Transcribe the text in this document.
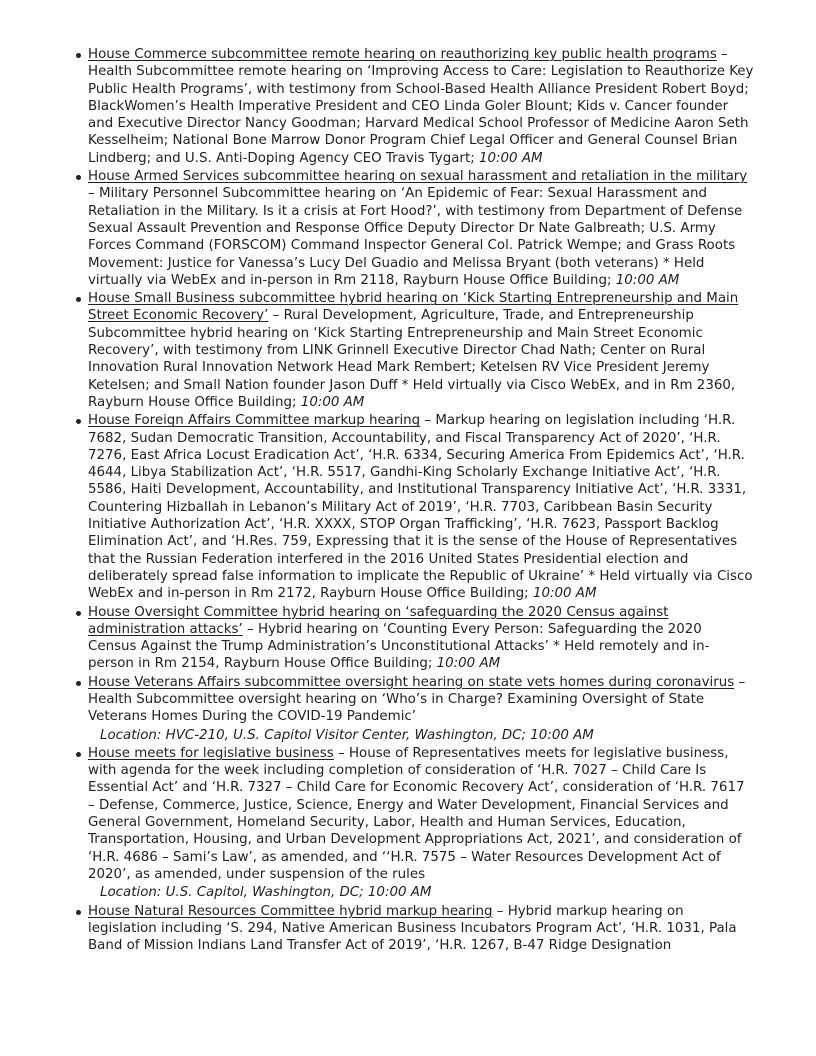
House Commerce subcommittee remote hearing on reauthorizing key public health programs – Health Subcommittee remote hearing on ‘Improving Access to Care: Legislation to Reauthorize Key Public Health Programs’, with testimony from School-Based Health Alliance President Robert Boyd; BlackWomen’s Health Imperative President and CEO Linda Goler Blount; Kids v. Cancer founder and Executive Director Nancy Goodman; Harvard Medical School Professor of Medicine Aaron Seth Kesselheim; National Bone Marrow Donor Program Chief Legal Officer and General Counsel Brian Lindberg; and U.S. Anti-Doping Agency CEO Travis Tygart; 10:00 AM
House Armed Services subcommittee hearing on sexual harassment and retaliation in the military – Military Personnel Subcommittee hearing on ‘An Epidemic of Fear: Sexual Harassment and Retaliation in the Military. Is it a crisis at Fort Hood?’, with testimony from Department of Defense Sexual Assault Prevention and Response Office Deputy Director Dr Nate Galbreath; U.S. Army Forces Command (FORSCOM) Command Inspector General Col. Patrick Wempe; and Grass Roots Movement: Justice for Vanessa’s Lucy Del Guadio and Melissa Bryant (both veterans) * Held virtually via WebEx and in-person in Rm 2118, Rayburn House Office Building; 10:00 AM
House Small Business subcommittee hybrid hearing on ‘Kick Starting Entrepreneurship and Main Street Economic Recovery’ – Rural Development, Agriculture, Trade, and Entrepreneurship Subcommittee hybrid hearing on ‘Kick Starting Entrepreneurship and Main Street Economic Recovery’, with testimony from LINK Grinnell Executive Director Chad Nath; Center on Rural Innovation Rural Innovation Network Head Mark Rembert; Ketelsen RV Vice President Jeremy Ketelsen; and Small Nation founder Jason Duff * Held virtually via Cisco WebEx, and in Rm 2360, Rayburn House Office Building; 10:00 AM
House Foreign Affairs Committee markup hearing – Markup hearing on legislation including ‘H.R. 7682, Sudan Democratic Transition, Accountability, and Fiscal Transparency Act of 2020’, ‘H.R. 7276, East Africa Locust Eradication Act’, ‘H.R. 6334, Securing America From Epidemics Act’, ‘H.R. 4644, Libya Stabilization Act’, ‘H.R. 5517, Gandhi-King Scholarly Exchange Initiative Act’, ‘H.R. 5586, Haiti Development, Accountability, and Institutional Transparency Initiative Act’, ‘H.R. 3331, Countering Hizballah in Lebanon’s Military Act of 2019’, ‘H.R. 7703, Caribbean Basin Security Initiative Authorization Act’, ‘H.R. XXXX, STOP Organ Trafficking’, ‘H.R. 7623, Passport Backlog Elimination Act’, and ‘H.Res. 759, Expressing that it is the sense of the House of Representatives that the Russian Federation interfered in the 2016 United States Presidential election and deliberately spread false information to implicate the Republic of Ukraine’ * Held virtually via Cisco WebEx and in-person in Rm 2172, Rayburn House Office Building; 10:00 AM
House Oversight Committee hybrid hearing on ‘safeguarding the 2020 Census against administration attacks’ – Hybrid hearing on ‘Counting Every Person: Safeguarding the 2020 Census Against the Trump Administration’s Unconstitutional Attacks’ * Held remotely and in-person in Rm 2154, Rayburn House Office Building; 10:00 AM
House Veterans Affairs subcommittee oversight hearing on state vets homes during coronavirus – Health Subcommittee oversight hearing on ‘Who’s in Charge? Examining Oversight of State Veterans Homes During the COVID-19 Pandemic’
Location: HVC-210, U.S. Capitol Visitor Center, Washington, DC; 10:00 AM
House meets for legislative business – House of Representatives meets for legislative business, with agenda for the week including completion of consideration of ‘H.R. 7027 – Child Care Is Essential Act’ and ‘H.R. 7327 – Child Care for Economic Recovery Act’, consideration of ‘H.R. 7617 – Defense, Commerce, Justice, Science, Energy and Water Development, Financial Services and General Government, Homeland Security, Labor, Health and Human Services, Education, Transportation, Housing, and Urban Development Appropriations Act, 2021’, and consideration of ‘H.R. 4686 – Sami’s Law’, as amended, and ‘‘H.R. 7575 – Water Resources Development Act of 2020’, as amended, under suspension of the rules
Location: U.S. Capitol, Washington, DC; 10:00 AM
House Natural Resources Committee hybrid markup hearing – Hybrid markup hearing on legislation including ‘S. 294, Native American Business Incubators Program Act’, ‘H.R. 1031, Pala Band of Mission Indians Land Transfer Act of 2019’, ‘H.R. 1267, B-47 Ridge Designation
